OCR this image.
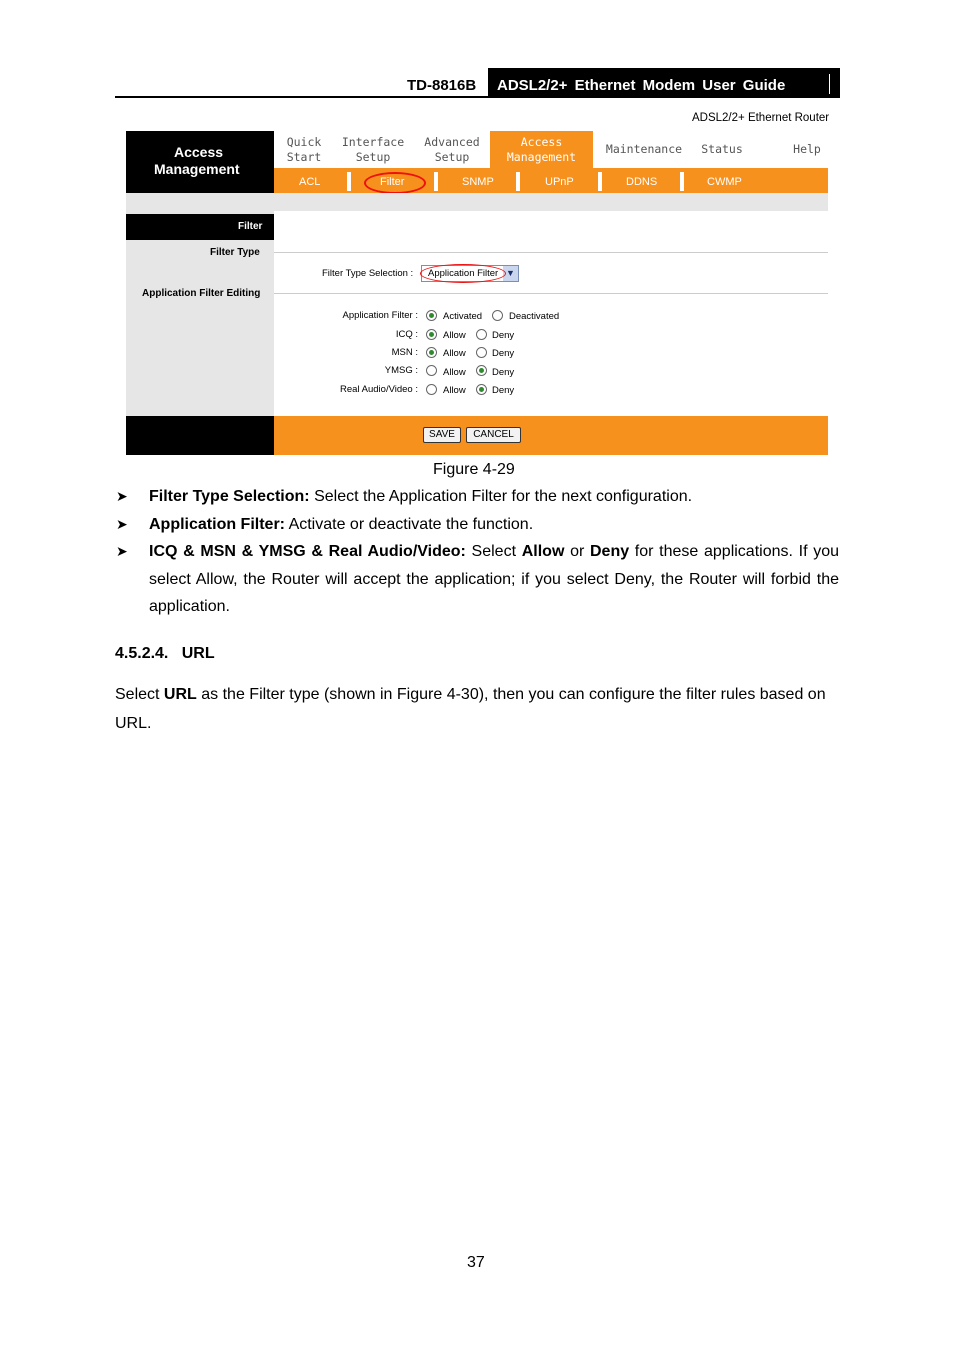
TD-8816B ADSL2/2+ Ethernet Modem User Guide
ADSL2/2+ Ethernet Router
Access
Management
Quick
Start
Interface
Setup
Advanced
Setup
Access
Management
Maintenance	Status	Help
ACL	Filter	SNMP	UPnP	DDNS	CWMP
Filter
Filter Type
Application Filter Editing
Filter Type Selection : Application Filter ▼
Application Filter :	Activated	Deactivated
ICQ :	Allow	Deny
MSN :	Allow	Deny
YMSG :	Allow	Deny
Real Audio/Video :	Allow	Deny
SAVE	CANCEL
Figure 4-29
➤ Filter Type Selection: Select the Application Filter for the next configuration.
➤ Application Filter: Activate or deactivate the function.
➤ ICQ & MSN & YMSG & Real Audio/Video: Select Allow or Deny for these applications. If you select Allow, the Router will accept the application; if you select Deny, the Router will forbid the application.
4.5.2.4.   URL
Select URL as the Filter type (shown in Figure 4-30), then you can configure the filter rules based on URL.
37
